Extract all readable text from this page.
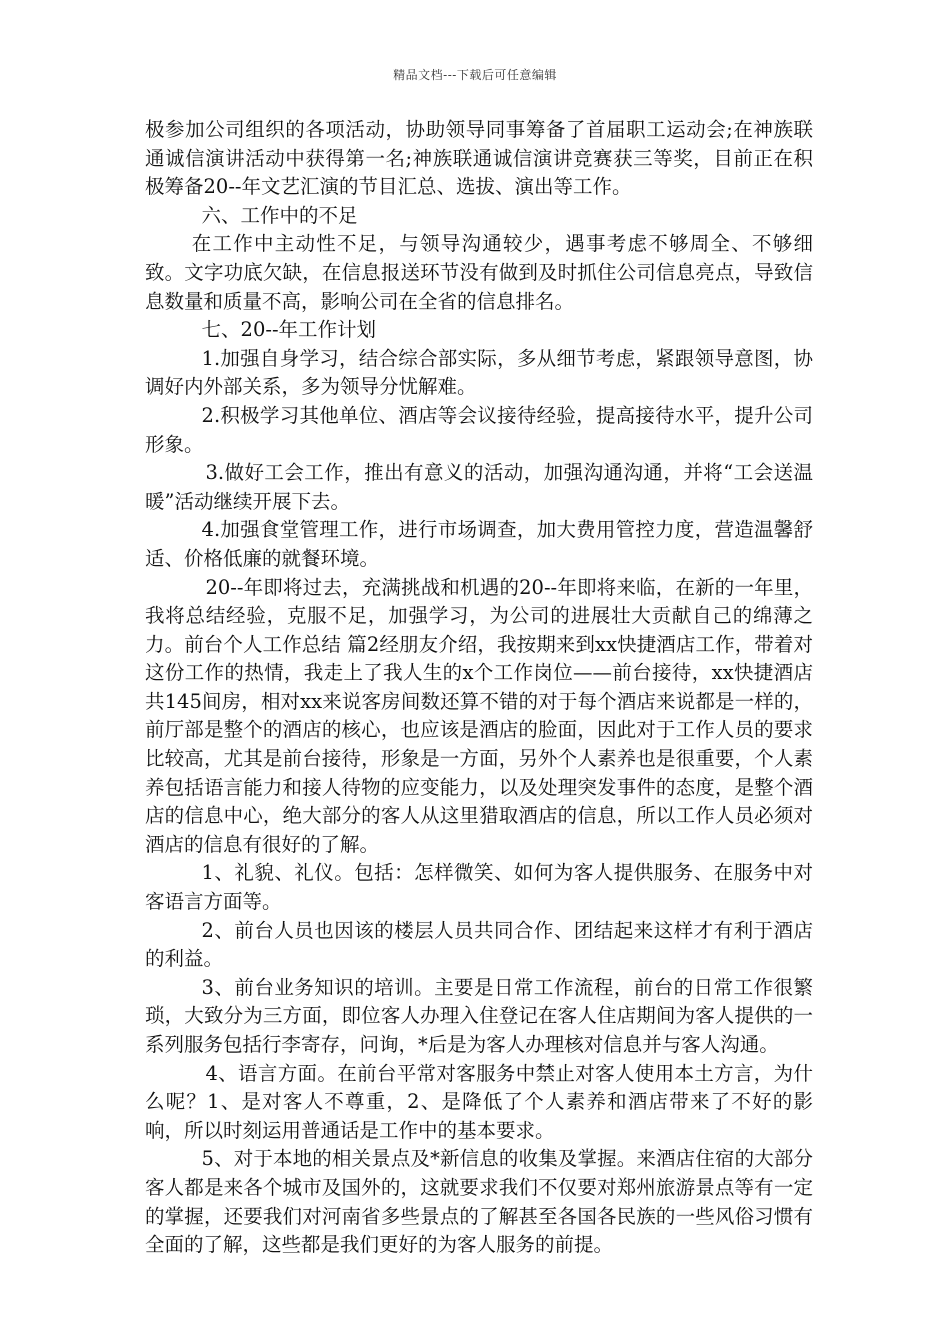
精品文档---下载后可任意编辑

极参加公司组织的各项活动，协助领导同事筹备了首届职工运动会;在神族联通诚信演讲活动中获得第一名;神族联通诚信演讲竞赛获三等奖，目前正在积极筹备20--年文艺汇演的节目汇总、选拔、演出等工作。

六、工作中的不足

在工作中主动性不足，与领导沟通较少，遇事考虑不够周全、不够细致。文字功底欠缺，在信息报送环节没有做到及时抓住公司信息亮点，导致信息数量和质量不高，影响公司在全省的信息排名。

七、20--年工作计划

1.加强自身学习，结合综合部实际，多从细节考虑，紧跟领导意图，协调好内外部关系，多为领导分忧解难。

2.积极学习其他单位、酒店等会议接待经验，提高接待水平，提升公司形象。

3.做好工会工作，推出有意义的活动，加强沟通沟通，并将“工会送温暖”活动继续开展下去。

4.加强食堂管理工作，进行市场调查，加大费用管控力度，营造温馨舒适、价格低廉的就餐环境。

20--年即将过去，充满挑战和机遇的20--年即将来临，在新的一年里，我将总结经验，克服不足，加强学习，为公司的进展壮大贡献自己的绵薄之力。前台个人工作总结 篇2经朋友介绍，我按期来到xx快捷酒店工作，带着对这份工作的热情，我走上了我人生的x个工作岗位——前台接待，xx快捷酒店共145间房，相对xx来说客房间数还算不错的对于每个酒店来说都是一样的，前厅部是整个的酒店的核心，也应该是酒店的脸面，因此对于工作人员的要求比较高，尤其是前台接待，形象是一方面，另外个人素养也是很重要，个人素养包括语言能力和接人待物的应变能力，以及处理突发事件的态度，是整个酒店的信息中心，绝大部分的客人从这里猎取酒店的信息，所以工作人员必须对酒店的信息有很好的了解。

1、礼貌、礼仪。包括：怎样微笑、如何为客人提供服务、在服务中对客语言方面等。

2、前台人员也因该的楼层人员共同合作、团结起来这样才有利于酒店的利益。

3、前台业务知识的培训。主要是日常工作流程，前台的日常工作很繁琐，大致分为三方面，即位客人办理入住登记在客人住店期间为客人提供的一系列服务包括行李寄存，问询，*后是为客人办理核对信息并与客人沟通。

4、语言方面。在前台平常对客服务中禁止对客人使用本土方言，为什么呢？1、是对客人不尊重，2、是降低了个人素养和酒店带来了不好的影响，所以时刻运用普通话是工作中的基本要求。

5、对于本地的相关景点及*新信息的收集及掌握。来酒店住宿的大部分客人都是来各个城市及国外的，这就要求我们不仅要对郑州旅游景点等有一定的掌握，还要我们对河南省多些景点的了解甚至各国各民族的一些风俗习惯有全面的了解，这些都是我们更好的为客人服务的前提。
